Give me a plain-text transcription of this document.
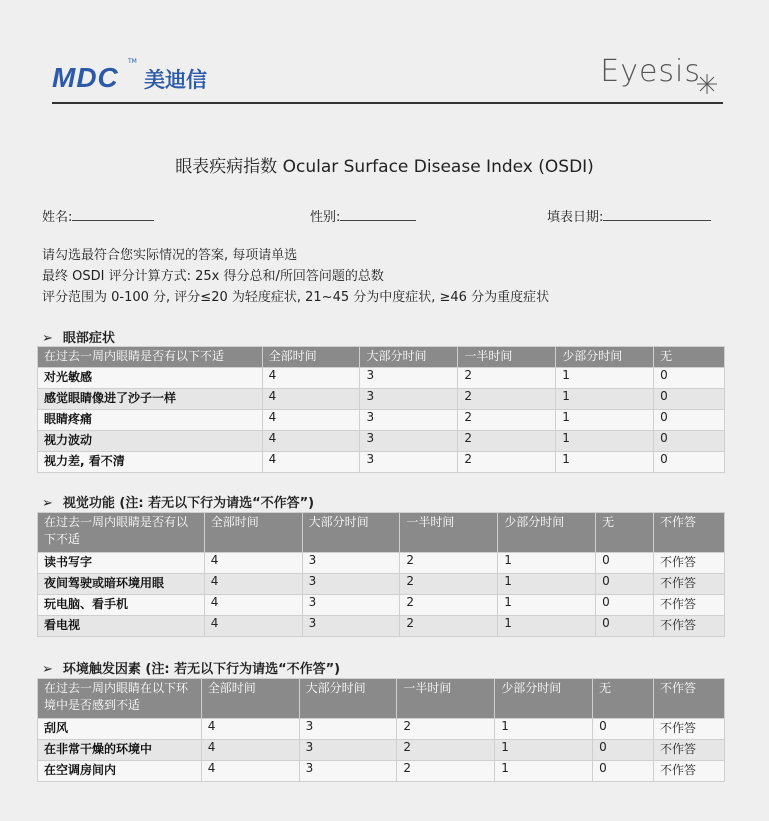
MDC
TM
美迪信	Eyesis
眼表疾病指数 Ocular Surface Disease Index (OSDI)
姓名:	性别:	填表日期:
请勾选最符合您实际情况的答案, 每项请单选
最终 OSDI 评分计算方式: 25x 得分总和/所回答问题的总数
评分范围为 0-100 分, 评分≤20 为轻度症状, 21~45 分为中度症状, ≥46 分为重度症状
➢ 眼部症状
在过去一周内眼睛是否有以下不适	全部时间	大部分时间	一半时间	少部分时间	无
对光敏感	4	3	2	1	0
感觉眼睛像进了沙子一样	4	3	2	1	0
眼睛疼痛	4	3	2	1	0
视力波动	4	3	2	1	0
视力差, 看不清	4	3	2	1	0
➢ 视觉功能 (注: 若无以下行为请选“不作答”)
在过去一周内眼睛是否有以下不适	全部时间	大部分时间	一半时间	少部分时间	无	不作答
读书写字	4	3	2	1	0	不作答
夜间驾驶或暗环境用眼	4	3	2	1	0	不作答
玩电脑、看手机	4	3	2	1	0	不作答
看电视	4	3	2	1	0	不作答
➢ 环境触发因素 (注: 若无以下行为请选“不作答”)
在过去一周内眼睛在以下环境中是否感到不适	全部时间	大部分时间	一半时间	少部分时间	无	不作答
刮风	4	3	2	1	0	不作答
在非常干燥的环境中	4	3	2	1	0	不作答
在空调房间内	4	3	2	1	0	不作答
